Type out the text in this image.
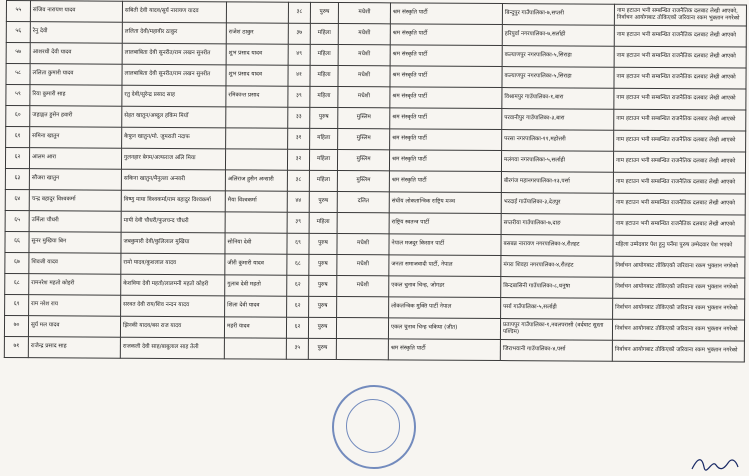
५५	संजिव नारायण यादव	सबिती देवी यादव/सुर्य नारायण यादव		३८	पुरुष	मधेशी	श्रम संस्कृति पार्टी	बिन्दुपुर गाउँपालिका-७,सप्तरी	नाम हटाउन भनी सम्बन्धित राजनैतिक दलबाट लेखी आएको, निर्वाचन आयोगबाट तोकिएको जरिवाना रकम भुक्तान नगरेको
५६	रेनु देवी	ललिता देवी/महावीर ठाकुर	राजेश ठाकुर	३७	महिला	मधेशी	श्रम संस्कृति पार्टी	हरिपुर्वा नगरपालिका-७,सर्लाही	नाम हटाउन भनी सम्बन्धित राजनैतिक दलबाट लेखी आएको
५७	आशरथी देवी यादव	लालबाबिता देवी सुनरीत/राम लखन सुनरीत	शुभ प्रसाद यादव	४९	महिला	मधेशी	श्रम संस्कृति पार्टी	कल्याणपुर नगरपालिका-५,सिराहा	नाम हटाउन भनी सम्बन्धित राजनैतिक दलबाट लेखी आएको
५८	ललिता कुमारी यादव	लालबाबिता देवी सुनरीत/राम लखन सुनरीत	शुभ प्रसाद यादव	४१	महिला	मधेशी	श्रम संस्कृति पार्टी	कल्याणपुर नगरपालिका-५,सिराहा	नाम हटाउन भनी सम्बन्धित राजनैतिक दलबाट लेखी आएको
५९	रिया कुमारी साह	रतु देवी/सुरेन्द्र प्रसाद साह	रमिकान्त प्रसाद	३९	महिला	मधेशी	श्रम संस्कृति पार्टी	विश्रामपुर गाउँपालिका-१,बारा	नाम हटाउन भनी सम्बन्धित राजनैतिक दलबाट लेखी आएको
६०	जहाङ्गत हुसेन हवारी	सेहत खातुन/अब्दुल हकिम मियाँ		३३	पुरुष	मुस्लिम	श्रम संस्कृति पार्टी	परवानीपुर गाउँपालिका-३,बारा	नाम हटाउन भनी सम्बन्धित राजनैतिक दलबाट लेखी आएको
६१	समिना खातुन	कैफुन खातुन/मो. जुमराती नदाफ		३१	महिला	मुस्लिम	श्रम संस्कृति पार्टी	परसा नगरपालिका-११,महोत्तरी	नाम हटाउन भनी सम्बन्धित राजनैतिक दलबाट लेखी आएको
६२	आलम आरा	गुलनहार बेगम/अल्फराज अलि मिया		३२	महिला	मुस्लिम	श्रम संस्कृति पार्टी	मलंगवा नगरपालिका-५,सर्लाही	नाम हटाउन भनी सम्बन्धित राजनैतिक दलबाट लेखी आएको
६३	सौजरा खातुन	सकिना खातुन/मैनुल्ला अन्सारी	अलिराज हुसैन अन्सारी	३८	महिला	मुस्लिम	श्रम संस्कृति पार्टी	बीरगंज महानगरपालिका-१३,पर्सा	नाम हटाउन भनी सम्बन्धित राजनैतिक दलबाट लेखी आएको
६४	चन्द्र बहादुर विश्वकर्मा	विष्णु माया विश्वकर्मा/राम बहादुर विश्वकर्मा	मैया विश्वकर्मा	४४	पुरुष	दलित	संघीय लोकतान्त्रिक राष्ट्रिय मञ्च	भरदाई गाउँपालिका-३,देउपुर	नाम हटाउन भनी सम्बन्धित राजनैतिक दलबाट लेखी आएको
६५	उर्मिला चौधरी	मायी देवी चौधरी/फुलचन्द चौधरी		३९	महिला		राष्ट्रिय स्वतन्त्र पार्टी	सप्तरीया गाउँपालिका-७,दाङ	नाम हटाउन भनी सम्बन्धित राजनैतिक दलबाट लेखी आएको
६६	सुनर मुखिया बिन	जबकुमारी देवी/कुलिलाल मुखिया	सोनिया देवी	६९	पुरुष	मधेशी	नेपाल मजदुर किसान पार्टी	बसबन्न नारायण नगरपालिका-४,रौतहट	महिला उम्मेदवार पेश हुनु पर्नेमा पुरुष उम्मेदवार पेश भएको
६७	शिवजी यादव	रामो यादव/कुशलाल यादव	जीरी कुमारी यादव	६८	पुरुष	मधेशी	जनता समाजवादी पार्टी, नेपाल	मंगरा शिवहा नगरपालिका-४,रौतहट	निर्वाचन आयोगबाट तोकिएको जरिवाना रकम भुक्तान नगरेको
६८	रामनरेश महतो कोइरी	केशविया देवी महतो/लालमनी महतो कोइरी	गुलाब देवी महतो	६२	पुरुष	मधेशी	एकल चुनाव चिन्ह, जोगडर	बिन्दबासिनी गाउँपालिका-८,धनुषा	निर्वाचन आयोगबाट तोकिएको जरिवाना रकम भुक्तान नगरेको
६९	राम नरेश राय	सरवत देवी राय/शिव नन्दन यादव	शिला देवी यादव	६२	पुरुष		लोकतन्त्रिक मुक्ति पार्टी नेपाल	पर्सा गाउँपालिका-५,सर्लाही	निर्वाचन आयोगबाट तोकिएको जरिवाना रकम भुक्तान नगरेको
७०	सुर्य मल यादव	झिनकी यादव/बस राज यादव	महरी यादव	६२	पुरुष		एकल चुनाव चिन्ह चकिया (जीत)	प्रतापपुर गाउँपालिका-१,नवलपरासी (वर्दघाट सुस्ता पश्चिम)	निर्वाचन आयोगबाट तोकिएको जरिवाना रकम भुक्तान नगरेको
७१	राजेन्द्र प्रसाद साह	राजकली देवी साह/बाबुलाल साह तेली		३५	पुरुष		श्रम संस्कृति पार्टी	जिराभवानी गाउँपालिका-४,पर्सा	निर्वाचन आयोगबाट तोकिएको जरिवाना रकम भुक्तान नगरेको
